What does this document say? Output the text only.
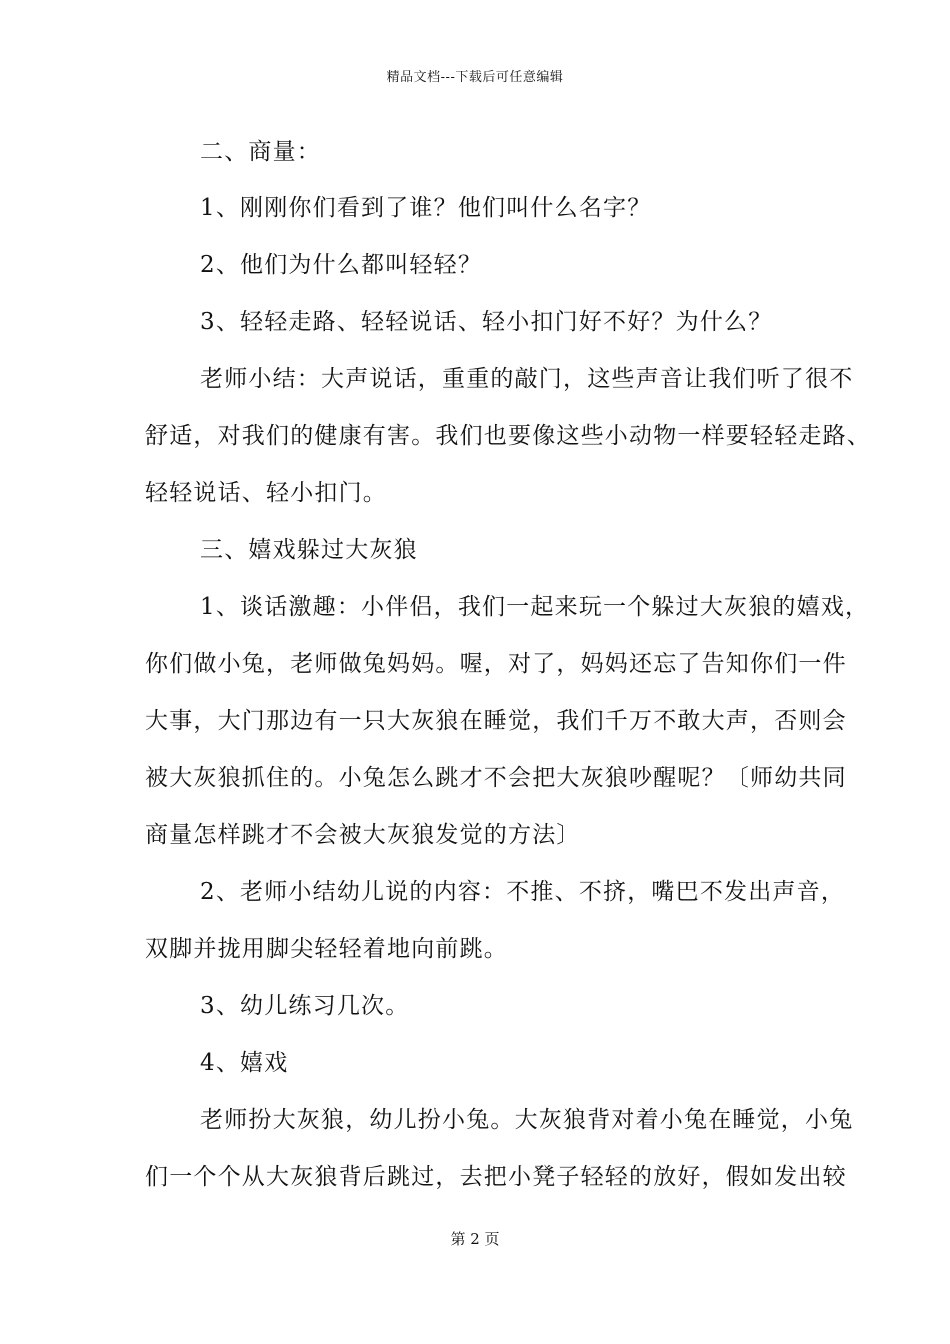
精品文档---下载后可任意编辑
二、商量：
1、刚刚你们看到了谁？他们叫什么名字？
2、他们为什么都叫轻轻？
3、轻轻走路、轻轻说话、轻小扣门好不好？为什么？
老师小结：大声说话，重重的敲门，这些声音让我们听了很不
舒适，对我们的健康有害。我们也要像这些小动物一样要轻轻走路、
轻轻说话、轻小扣门。
三、嬉戏躲过大灰狼
1、谈话激趣：小伴侣，我们一起来玩一个躲过大灰狼的嬉戏，
你们做小兔，老师做兔妈妈。喔，对了，妈妈还忘了告知你们一件
大事，大门那边有一只大灰狼在睡觉，我们千万不敢大声，否则会
被大灰狼抓住的。小兔怎么跳才不会把大灰狼吵醒呢？〔师幼共同
商量怎样跳才不会被大灰狼发觉的方法〕
2、老师小结幼儿说的内容：不推、不挤，嘴巴不发出声音，
双脚并拢用脚尖轻轻着地向前跳。
3、幼儿练习几次。
4、嬉戏
老师扮大灰狼，幼儿扮小兔。大灰狼背对着小兔在睡觉，小兔
们一个个从大灰狼背后跳过，去把小凳子轻轻的放好，假如发出较
第 2 页
